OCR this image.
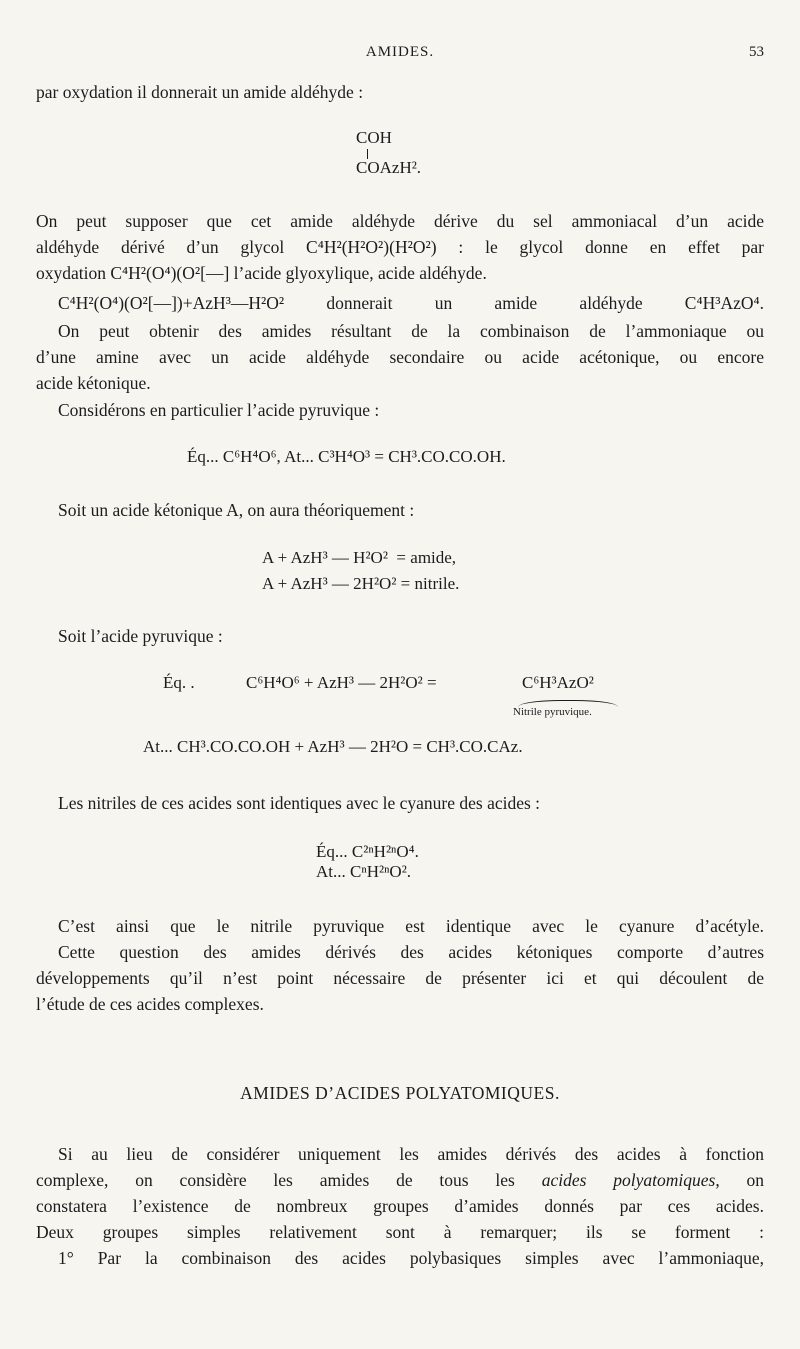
AMIDES.	53
par oxydation il donnerait un amide aldéhyde :
COH
COAzH².
On peut supposer que cet amide aldéhyde dérive du sel ammoniacal d’un acide
aldéhyde dérivé d’un glycol C⁴H²(H²O²)(H²O²) : le glycol donne en effet par
oxydation C⁴H²(O⁴)(O²[—] l’acide glyoxylique, acide aldéhyde.
C⁴H²(O⁴)(O²[—])+AzH³—H²O² donnerait un amide aldéhyde C⁴H³AzO⁴.
On peut obtenir des amides résultant de la combinaison de l’ammoniaque ou
d’une amine avec un acide aldéhyde secondaire ou acide acétonique, ou encore
acide kétonique.
Considérons en particulier l’acide pyruvique :
Éq... C⁶H⁴O⁶, At... C³H⁴O³ = CH³.CO.CO.OH.
Soit un acide kétonique A, on aura théoriquement :
A + AzH³ — H²O²  = amide,
A + AzH³ — 2H²O² = nitrile.
Soit l’acide pyruvique :
Éq. .	C⁶H⁴O⁶ + AzH³ — 2H²O² =	C⁶H³AzO²
Nitrile pyruvique.
At... CH³.CO.CO.OH + AzH³ — 2H²O = CH³.CO.CAz.
Les nitriles de ces acides sont identiques avec le cyanure des acides :
Éq... C²ⁿH²ⁿO⁴.
At... CⁿH²ⁿO².
C’est ainsi que le nitrile pyruvique est identique avec le cyanure d’acétyle.
Cette question des amides dérivés des acides kétoniques comporte d’autres
développements qu’il n’est point nécessaire de présenter ici et qui découlent de
l’étude de ces acides complexes.
AMIDES D’ACIDES POLYATOMIQUES.
Si au lieu de considérer uniquement les amides dérivés des acides à fonction
complexe, on considère les amides de tous les acides polyatomiques, on
constatera l’existence de nombreux groupes d’amides donnés par ces acides.
Deux groupes simples relativement sont à remarquer; ils se forment :
1° Par la combinaison des acides polybasiques simples avec l’ammoniaque,
